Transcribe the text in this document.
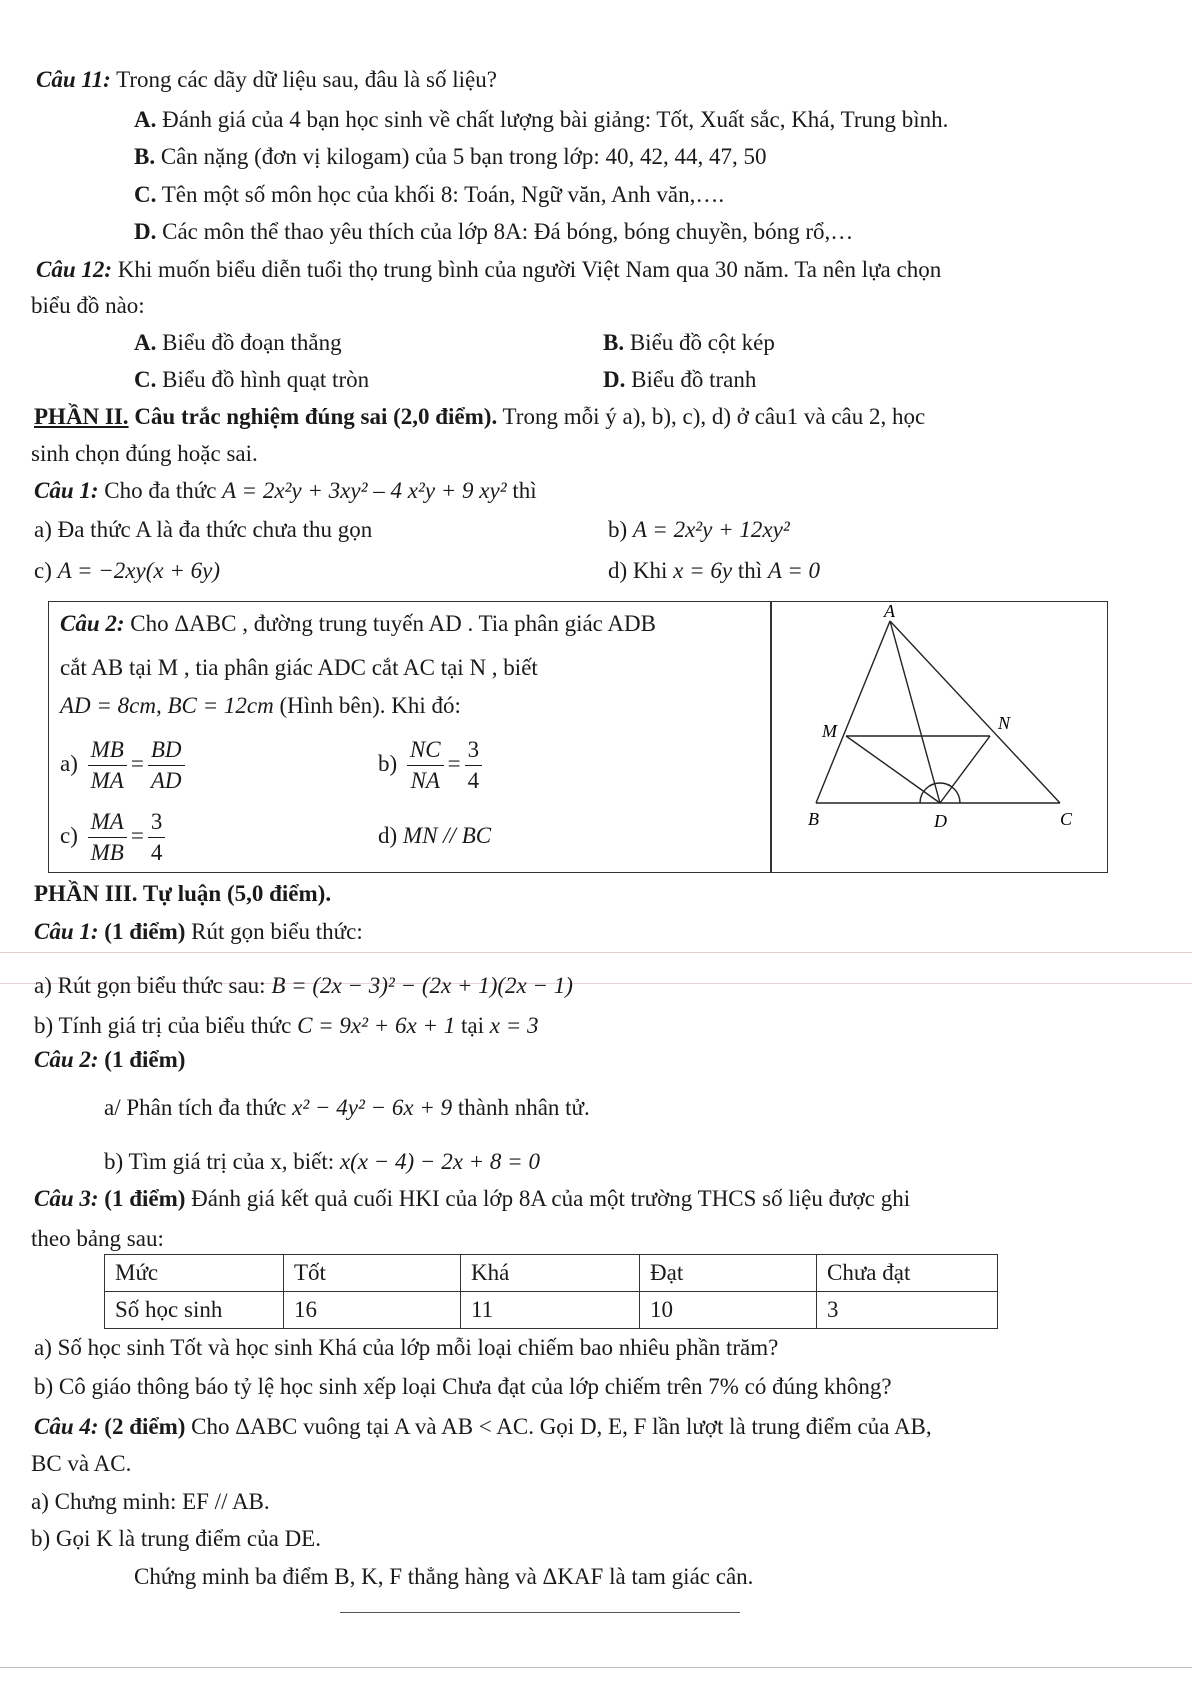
Câu 11: Trong các dãy dữ liệu sau, đâu là số liệu?
A. Đánh giá của 4 bạn học sinh về chất lượng bài giảng: Tốt, Xuất sắc, Khá, Trung bình.
B. Cân nặng (đơn vị kilogam) của 5 bạn trong lớp: 40, 42, 44, 47, 50
C. Tên một số môn học của khối 8: Toán, Ngữ văn, Anh văn,….
D. Các môn thể thao yêu thích của lớp 8A: Đá bóng, bóng chuyền, bóng rổ,…
Câu 12: Khi muốn biểu diễn tuổi thọ trung bình của người Việt Nam qua 30 năm. Ta nên lựa chọn
biểu đồ nào:
A. Biểu đồ đoạn thẳng	B. Biểu đồ cột kép
C. Biểu đồ hình quạt tròn	D. Biểu đồ tranh
PHẦN II. Câu trắc nghiệm đúng sai (2,0 điểm). Trong mỗi ý a), b), c), d) ở câu1 và câu 2, học
sinh chọn đúng hoặc sai.
Câu 1: Cho đa thức A = 2x²y + 3xy² – 4 x²y + 9 xy² thì
a) Đa thức A là đa thức chưa thu gọn	b) A = 2x²y + 12xy²
c) A = −2xy(x + 6y)	d) Khi x = 6y thì A = 0
Câu 2: Cho ΔABC , đường trung tuyến AD . Tia phân giác ADB
cắt AB tại M , tia phân giác ADC cắt AC tại N , biết
AD = 8cm, BC = 12cm (Hình bên). Khi đó:
$a) \frac{MB}{MA} = \frac{BD}{AD}$	$b) \frac{NC}{NA} = \frac{3}{4}$
$c) \frac{MA}{MB} = \frac{3}{4}$	d) MN // BC
A
M	N
B	D	C
PHẦN III. Tự luận (5,0 điểm).
Câu 1: (1 điểm) Rút gọn biểu thức:
a) Rút gọn biểu thức sau: B = (2x − 3)² − (2x + 1)(2x − 1)
b) Tính giá trị của biểu thức C = 9x² + 6x + 1 tại x = 3
Câu 2: (1 điểm)
a/ Phân tích đa thức x² − 4y² − 6x + 9 thành nhân tử.
b) Tìm giá trị của x, biết: x(x − 4) − 2x + 8 = 0
Câu 3: (1 điểm) Đánh giá kết quả cuối HKI của lớp 8A của một trường THCS số liệu được ghi
theo bảng sau:
Mức	Tốt	Khá	Đạt	Chưa đạt
Số học sinh	16	11	10	3
a) Số học sinh Tốt và học sinh Khá của lớp mỗi loại chiếm bao nhiêu phần trăm?
b) Cô giáo thông báo tỷ lệ học sinh xếp loại Chưa đạt của lớp chiếm trên 7% có đúng không?
Câu 4: (2 điểm) Cho ΔABC vuông tại A và AB < AC. Gọi D, E, F lần lượt là trung điểm của AB,
BC và AC.
a) Chưng minh: EF // AB.
b) Gọi K là trung điểm của DE.
Chứng minh ba điểm B, K, F thẳng hàng và ΔKAF là tam giác cân.
